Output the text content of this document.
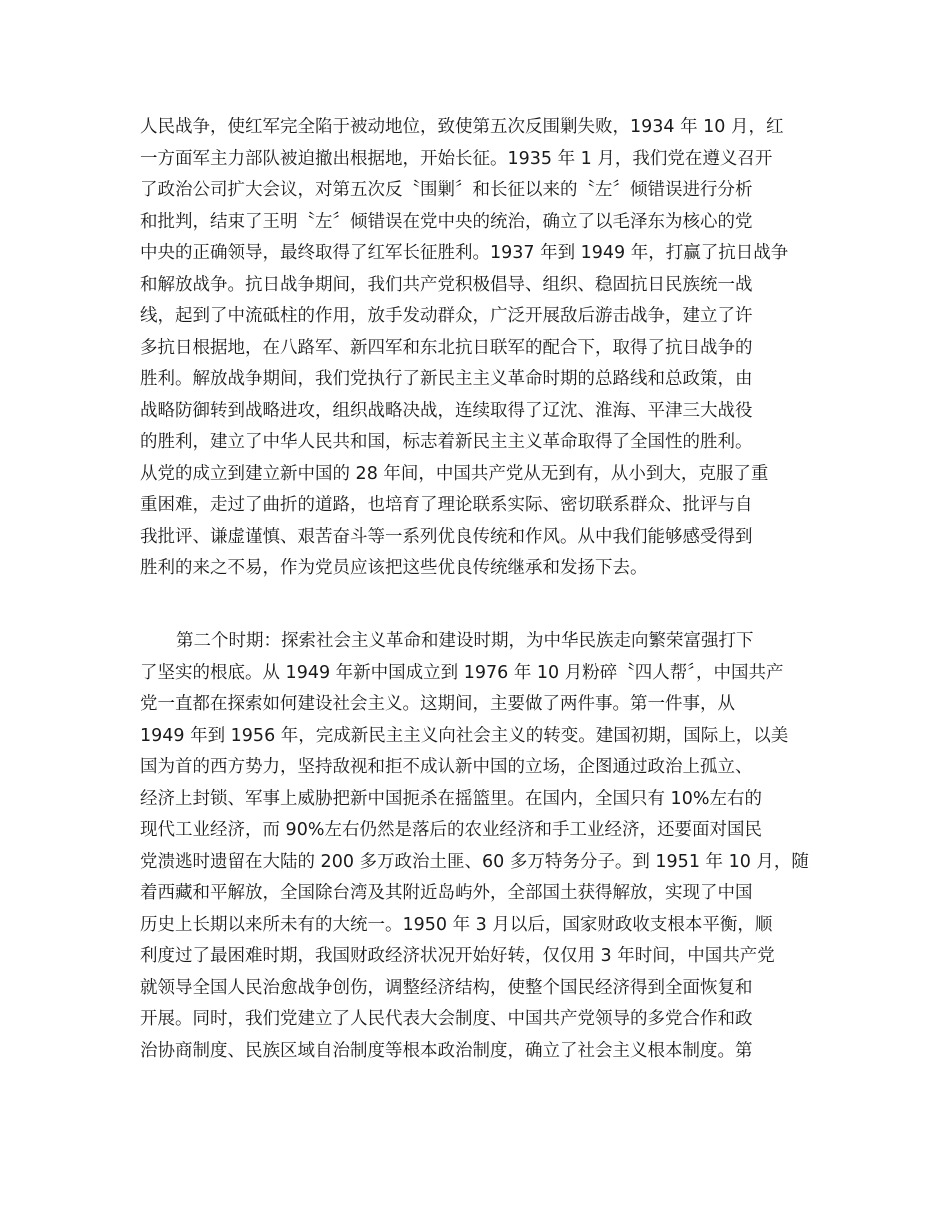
人民战争，使红军完全陷于被动地位，致使第五次反围剿失败，1934 年 10 月，红
一方面军主力部队被迫撤出根据地，开始长征。1935 年 1 月，我们党在遵义召开
了政治公司扩大会议，对第五次反〝围剿〞和长征以来的〝左〞倾错误进行分析
和批判，结束了王明〝左〞倾错误在党中央的统治，确立了以毛泽东为核心的党
中央的正确领导，最终取得了红军长征胜利。1937 年到 1949 年，打赢了抗日战争
和解放战争。抗日战争期间，我们共产党积极倡导、组织、稳固抗日民族统一战
线，起到了中流砥柱的作用，放手发动群众，广泛开展敌后游击战争，建立了许
多抗日根据地，在八路军、新四军和东北抗日联军的配合下，取得了抗日战争的
胜利。解放战争期间，我们党执行了新民主主义革命时期的总路线和总政策，由
战略防御转到战略进攻，组织战略决战，连续取得了辽沈、淮海、平津三大战役
的胜利，建立了中华人民共和国，标志着新民主主义革命取得了全国性的胜利。
从党的成立到建立新中国的 28 年间，中国共产党从无到有，从小到大，克服了重
重困难，走过了曲折的道路，也培育了理论联系实际、密切联系群众、批评与自
我批评、谦虚谨慎、艰苦奋斗等一系列优良传统和作风。从中我们能够感受得到
胜利的来之不易，作为党员应该把这些优良传统继承和发扬下去。
第二个时期：探索社会主义革命和建设时期，为中华民族走向繁荣富强打下
了坚实的根底。从 1949 年新中国成立到 1976 年 10 月粉碎〝四人帮〞，中国共产
党一直都在探索如何建设社会主义。这期间，主要做了两件事。第一件事，从
1949 年到 1956 年，完成新民主主义向社会主义的转变。建国初期，国际上，以美
国为首的西方势力，坚持敌视和拒不成认新中国的立场，企图通过政治上孤立、
经济上封锁、军事上威胁把新中国扼杀在摇篮里。在国内，全国只有 10%左右的
现代工业经济，而 90%左右仍然是落后的农业经济和手工业经济，还要面对国民
党溃逃时遗留在大陆的 200 多万政治土匪、60 多万特务分子。到 1951 年 10 月，随
着西藏和平解放，全国除台湾及其附近岛屿外，全部国土获得解放，实现了中国
历史上长期以来所未有的大统一。1950 年 3 月以后，国家财政收支根本平衡，顺
利度过了最困难时期，我国财政经济状况开始好转，仅仅用 3 年时间，中国共产党
就领导全国人民治愈战争创伤，调整经济结构，使整个国民经济得到全面恢复和
开展。同时，我们党建立了人民代表大会制度、中国共产党领导的多党合作和政
治协商制度、民族区域自治制度等根本政治制度，确立了社会主义根本制度。第
